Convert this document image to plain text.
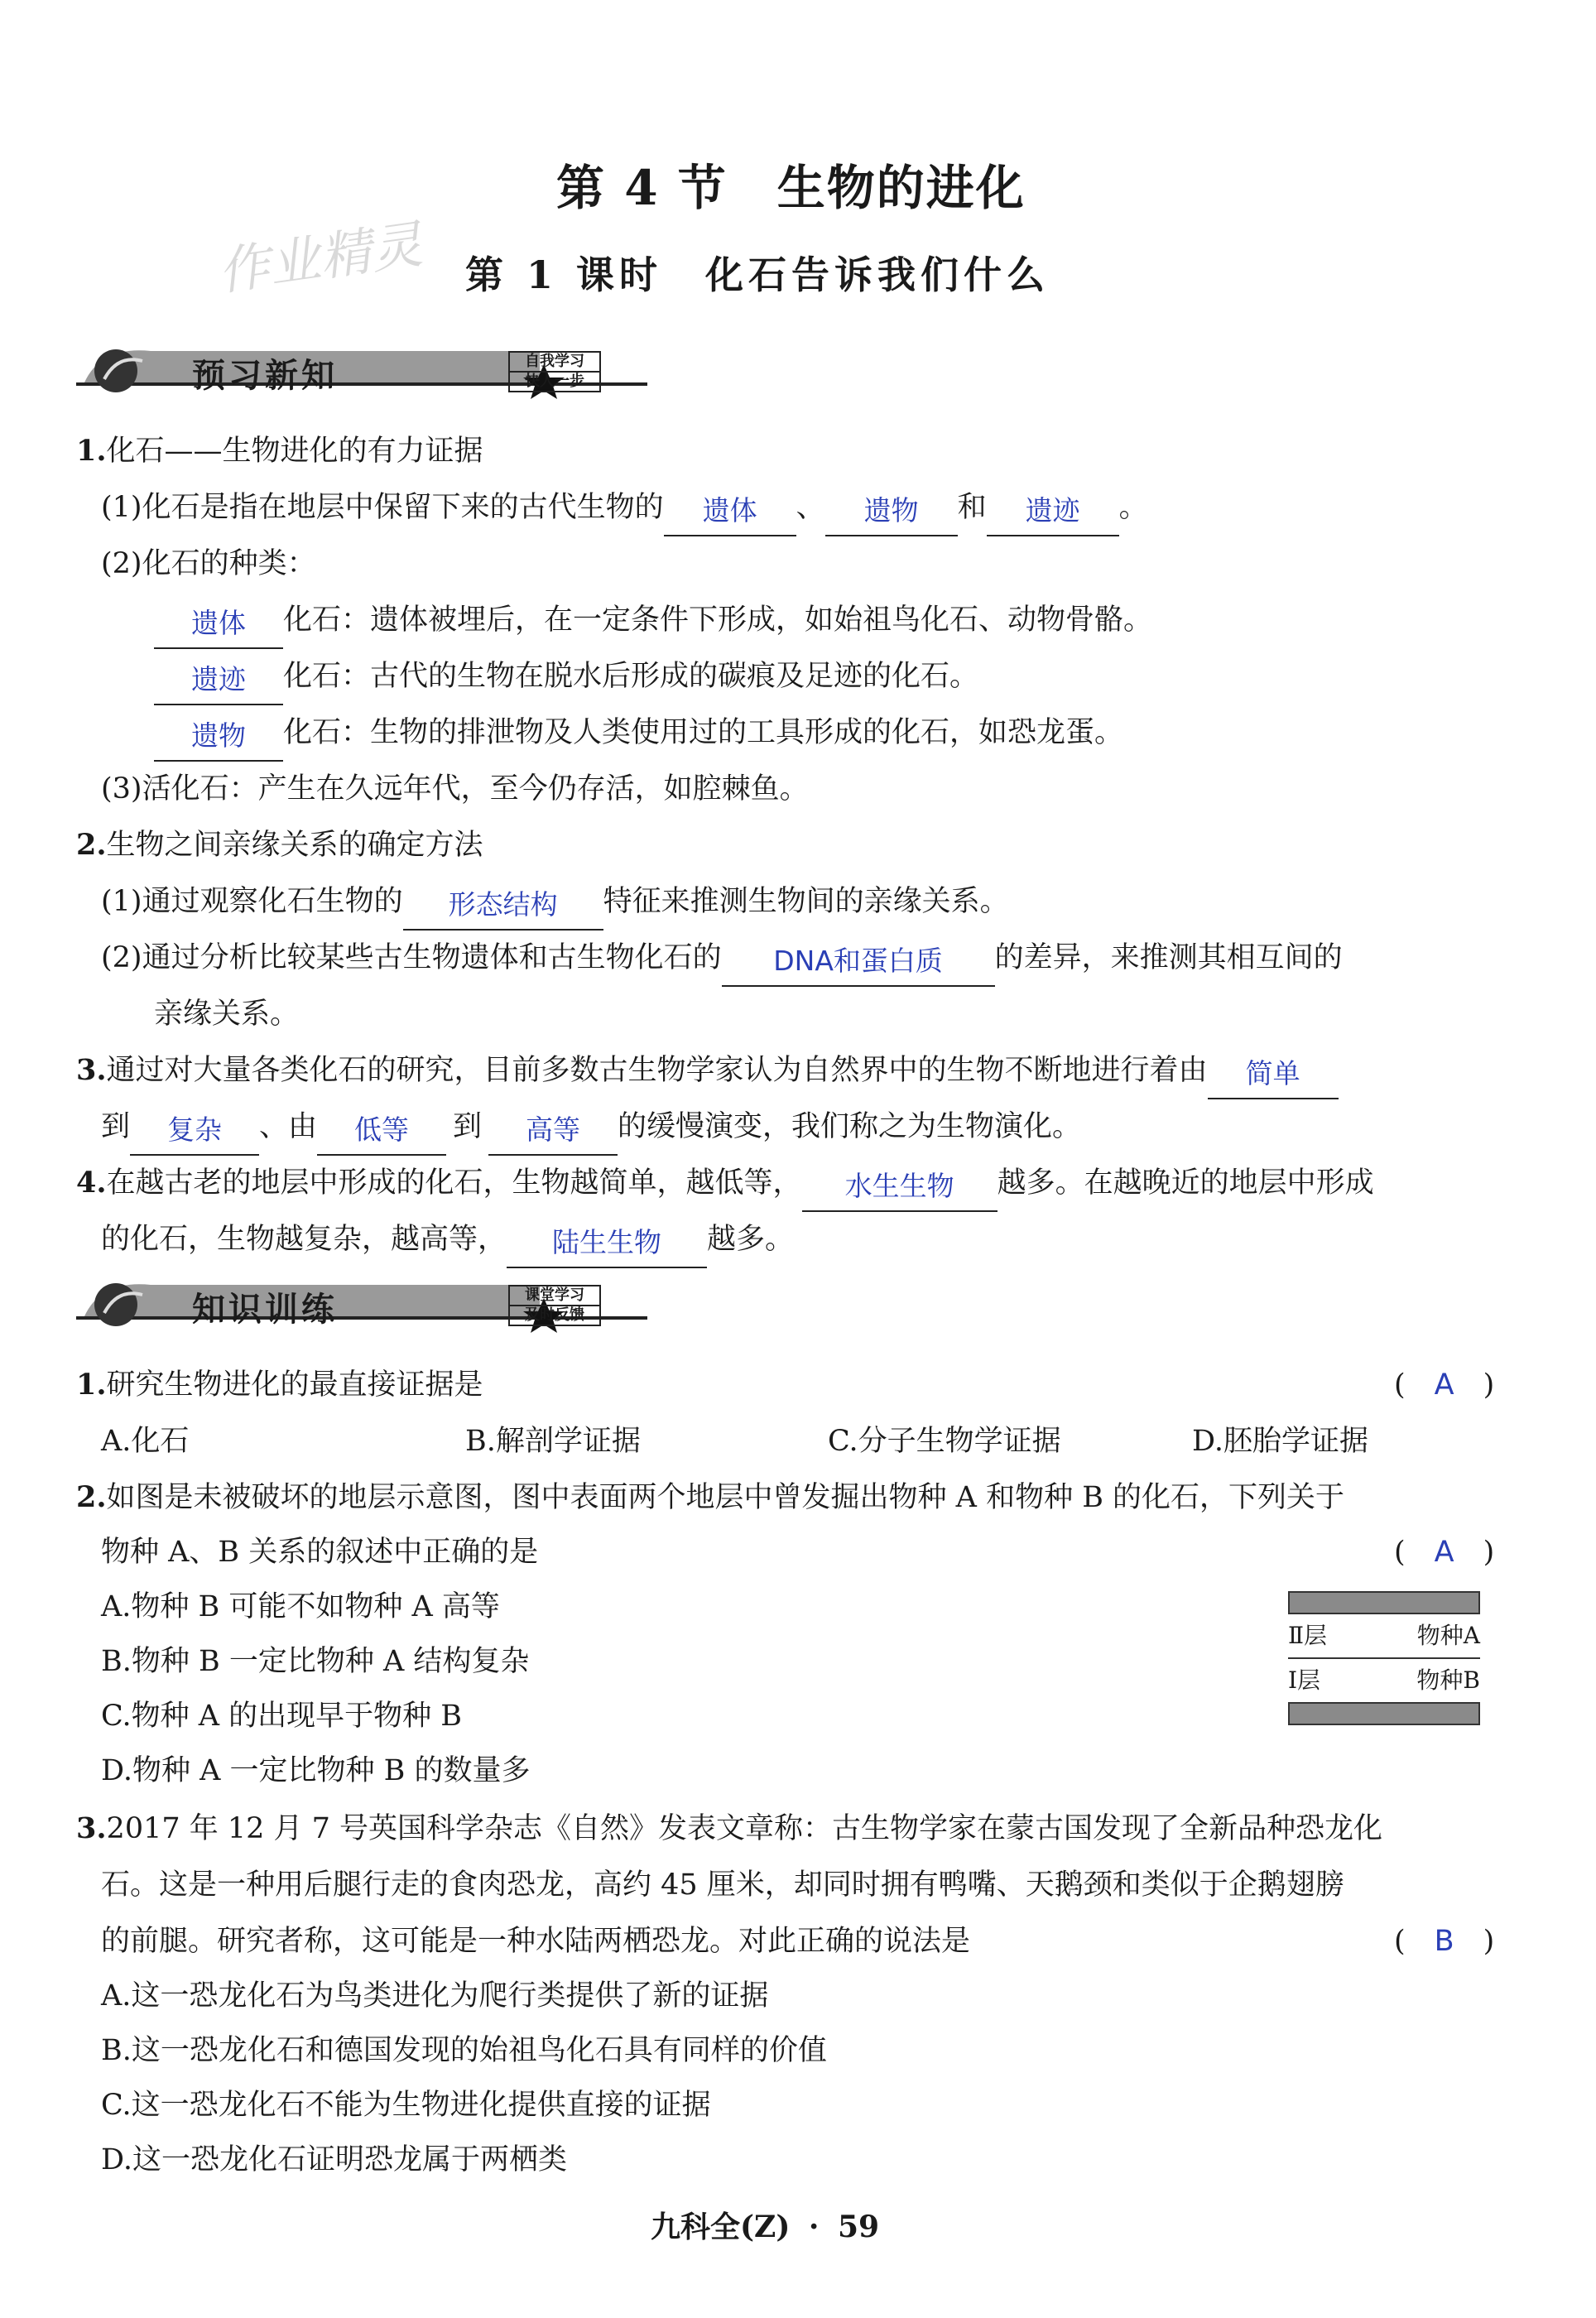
第 4 节　生物的进化
作业精灵 第 1 课时　化石告诉我们什么
预习新知	自我学习
快人一步
1.化石——生物进化的有力证据
(1)化石是指在地层中保留下来的古代生物的 遗体 、 遗物 和 遗迹 。
(2)化石的种类：
遗体 化石：遗体被埋后，在一定条件下形成，如始祖鸟化石、动物骨骼。
遗迹 化石：古代的生物在脱水后形成的碳痕及足迹的化石。
遗物 化石：生物的排泄物及人类使用过的工具形成的化石，如恐龙蛋。
(3)活化石：产生在久远年代，至今仍存活，如腔棘鱼。
2.生物之间亲缘关系的确定方法
(1)通过观察化石生物的 形态结构 特征来推测生物间的亲缘关系。
(2)通过分析比较某些古生物遗体和古生物化石的 DNA和蛋白质 的差异，来推测其相互间的
亲缘关系。
3.通过对大量各类化石的研究，目前多数古生物学家认为自然界中的生物不断地进行着由 简单
到 复杂 、由 低等 到 高等 的缓慢演变，我们称之为生物演化。
4.在越古老的地层中形成的化石，生物越简单，越低等， 水生生物 越多。在越晚近的地层中形成
的化石，生物越复杂，越高等， 陆生生物 越多。
知识训练	课堂学习
及时反馈
1.研究生物进化的最直接证据是	(　A　)
A.化石	B.解剖学证据	C.分子生物学证据	D.胚胎学证据
2.如图是未被破坏的地层示意图，图中表面两个地层中曾发掘出物种 A 和物种 B 的化石，下列关于
物种 A、B 关系的叙述中正确的是	(　A　)
A.物种 B 可能不如物种 A 高等
B.物种 B 一定比物种 A 结构复杂
C.物种 A 的出现早于物种 B
D.物种 A 一定比物种 B 的数量多
Ⅱ层	物种A
Ⅰ层	物种B
3.2017 年 12 月 7 号英国科学杂志《自然》发表文章称：古生物学家在蒙古国发现了全新品种恐龙化
石。这是一种用后腿行走的食肉恐龙，高约 45 厘米，却同时拥有鸭嘴、天鹅颈和类似于企鹅翅膀
的前腿。研究者称，这可能是一种水陆两栖恐龙。对此正确的说法是	(　B　)
A.这一恐龙化石为鸟类进化为爬行类提供了新的证据
B.这一恐龙化石和德国发现的始祖鸟化石具有同样的价值
C.这一恐龙化石不能为生物进化提供直接的证据
D.这一恐龙化石证明恐龙属于两栖类
九科全(Z) · 59
